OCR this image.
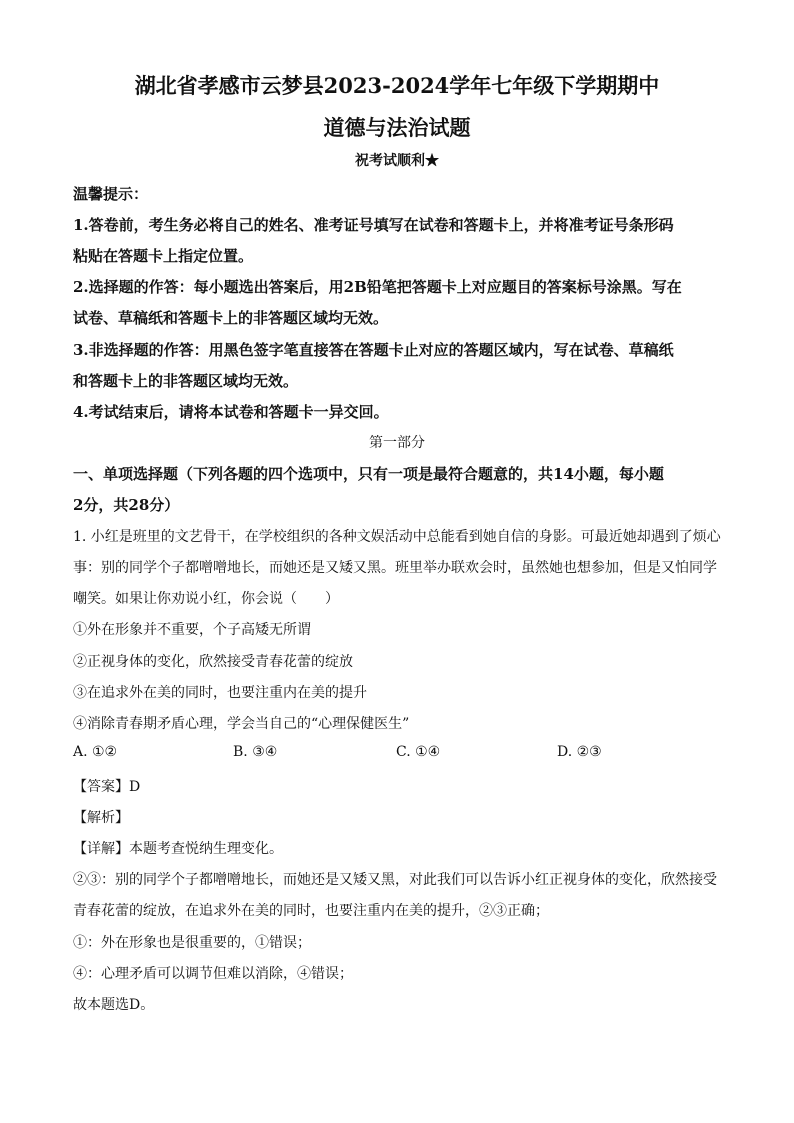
湖北省孝感市云梦县2023-2024学年七年级下学期期中
道德与法治试题
祝考试顺利★
温馨提示：
1.答卷前，考生务必将自己的姓名、准考证号填写在试卷和答题卡上，并将准考证号条形码
粘贴在答题卡上指定位置。
2.选择题的作答：每小题选出答案后，用2B铅笔把答题卡上对应题目的答案标号涂黑。写在
试卷、草稿纸和答题卡上的非答题区域均无效。
3.非选择题的作答：用黑色签字笔直接答在答题卡止对应的答题区域内，写在试卷、草稿纸
和答题卡上的非答题区域均无效。
4.考试结束后，请将本试卷和答题卡一异交回。
第一部分
一、单项选择题（下列各题的四个选项中，只有一项是最符合题意的，共14小题，每小题
2分，共28分）
1. 小红是班里的文艺骨干，在学校组织的各种文娱活动中总能看到她自信的身影。可最近她却遇到了烦心
事：别的同学个子都噌噌地长，而她还是又矮又黑。班里举办联欢会时，虽然她也想参加，但是又怕同学
嘲笑。如果让你劝说小红，你会说（　　）
①外在形象并不重要，个子高矮无所谓
②正视身体的变化，欣然接受青春花蕾的绽放
③在追求外在美的同时，也要注重内在美的提升
④消除青春期矛盾心理，学会当自己的“心理保健医生”
A. ①②	B. ③④	C. ①④	D. ②③
【答案】D
【解析】
【详解】本题考查悦纳生理变化。
②③：别的同学个子都噌噌地长，而她还是又矮又黑，对此我们可以告诉小红正视身体的变化，欣然接受
青春花蕾的绽放，在追求外在美的同时，也要注重内在美的提升，②③正确；
①：外在形象也是很重要的，①错误；
④：心理矛盾可以调节但难以消除，④错误；
故本题选D。
